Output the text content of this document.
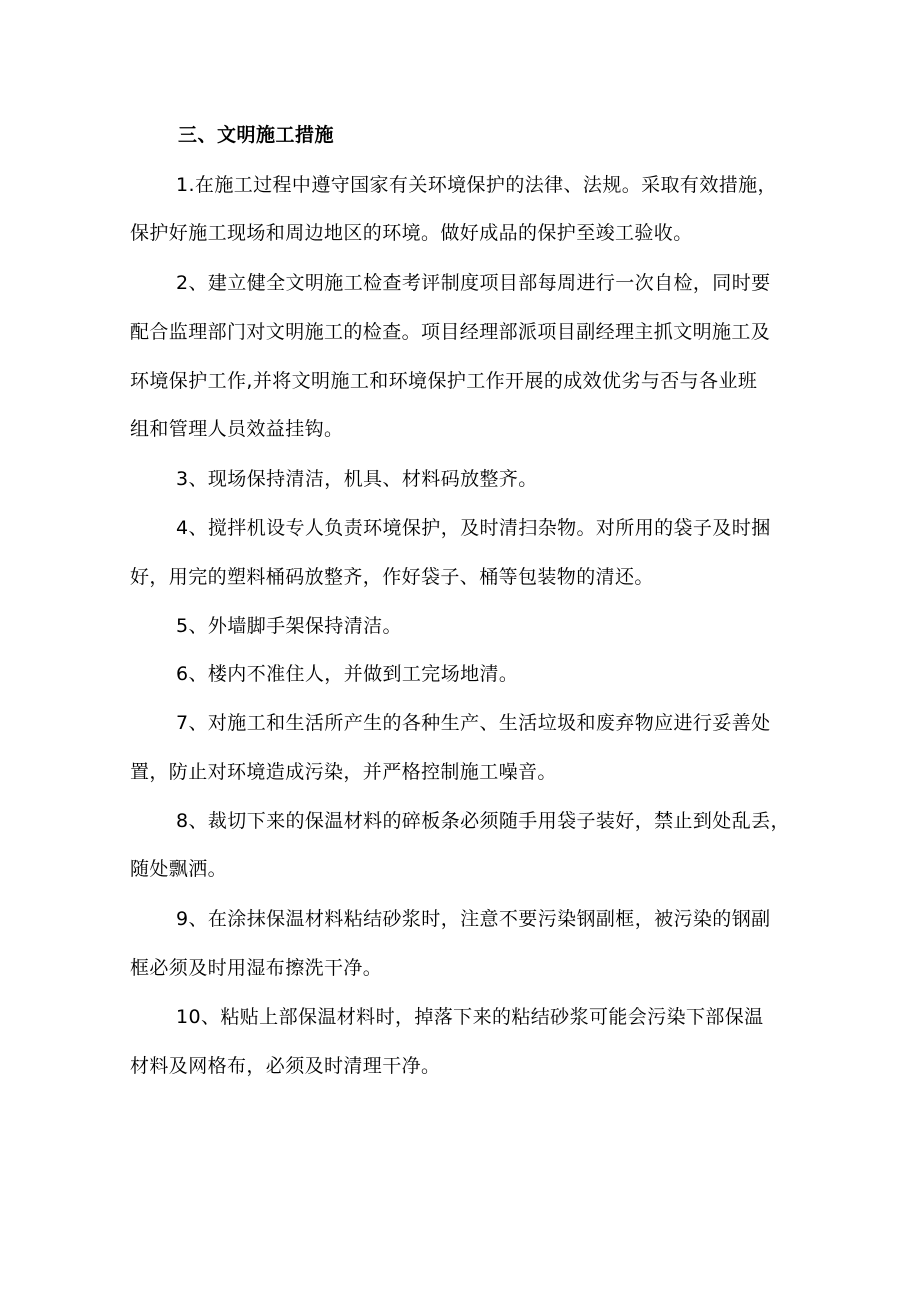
三、文明施工措施
1.在施工过程中遵守国家有关环境保护的法律、法规。采取有效措施，
保护好施工现场和周边地区的环境。做好成品的保护至竣工验收。
2、建立健全文明施工检查考评制度项目部每周进行一次自检，同时要
配合监理部门对文明施工的检查。项目经理部派项目副经理主抓文明施工及
环境保护工作,并将文明施工和环境保护工作开展的成效优劣与否与各业班
组和管理人员效益挂钩。
3、现场保持清洁，机具、材料码放整齐。
4、搅拌机设专人负责环境保护，及时清扫杂物。对所用的袋子及时捆
好，用完的塑料桶码放整齐，作好袋子、桶等包装物的清还。
5、外墙脚手架保持清洁。
6、楼内不准住人，并做到工完场地清。
7、对施工和生活所产生的各种生产、生活垃圾和废弃物应进行妥善处
置，防止对环境造成污染，并严格控制施工噪音。
8、裁切下来的保温材料的碎板条必须随手用袋子装好，禁止到处乱丢，
随处飘洒。
9、在涂抹保温材料粘结砂浆时，注意不要污染钢副框，被污染的钢副
框必须及时用湿布擦洗干净。
10、粘贴上部保温材料时，掉落下来的粘结砂浆可能会污染下部保温
材料及网格布，必须及时清理干净。
